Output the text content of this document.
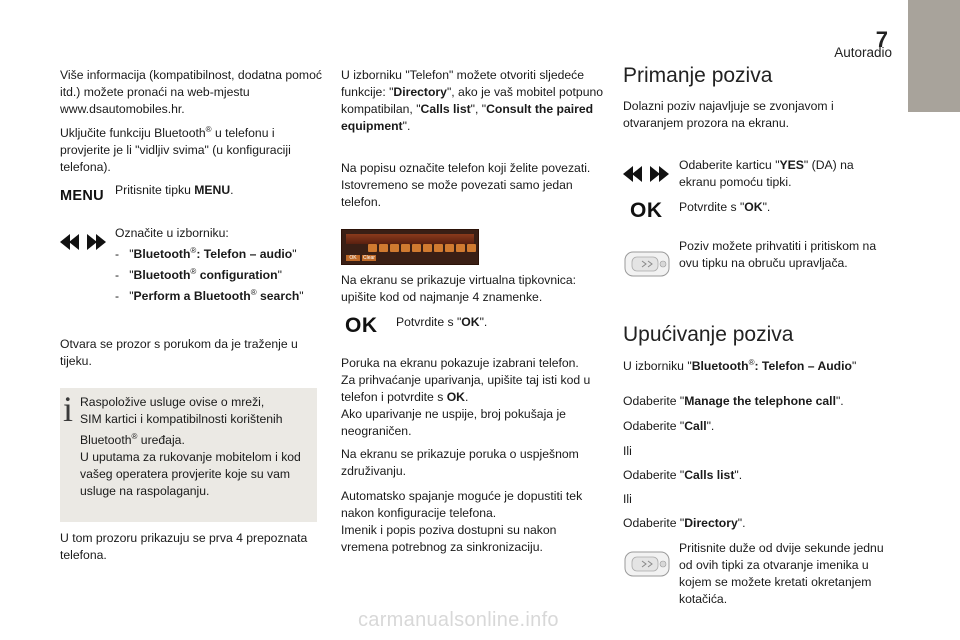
7
Autoradio

Više informacija (kompatibilnost, dodatna pomoć itd.) možete pronaći na web-mjestu www.dsautomobiles.hr.

Uključite funkciju Bluetooth® u telefonu i provjerite je li "vidljiv svima" (u konfiguraciji telefona).

MENU Pritisnite tipku MENU.

Označite u izborniku:

-   "Bluetooth®: Telefon – audio"

-   "Bluetooth® configuration"

-   "Perform a Bluetooth® search"

Otvara se prozor s porukom da je traženje u tijeku.

i Raspoložive usluge ovise o mreži,

SIM kartici i kompatibilnosti korištenih

Bluetooth® uređaja.

U uputama za rukovanje mobitelom i kod vašeg operatera provjerite koje su vam usluge na raspolaganju.

U tom prozoru prikazuju se prva 4 prepoznata telefona.

U izborniku "Telefon" možete otvoriti sljedeće funkcije: "Directory", ako je vaš mobitel potpuno kompatibilan, "Calls list", "Consult the paired equipment".

Na popisu označite telefon koji želite povezati. Istovremeno se može povezati samo jedan telefon.

OK	Clear

Na ekranu se prikazuje virtualna tipkovnica: upišite kod od najmanje 4 znamenke.

OK Potvrdite s "OK".

Poruka na ekranu pokazuje izabrani telefon.

Za prihvaćanje uparivanja, upišite taj isti kod u telefon i potvrdite s OK.

Ako uparivanje ne uspije, broj pokušaja je neograničen.

Na ekranu se prikazuje poruka o uspješnom združivanju.

Automatsko spajanje moguće je dopustiti tek nakon konfiguracije telefona.

Imenik i popis poziva dostupni su nakon vremena potrebnog za sinkronizaciju.

Primanje poziva

Dolazni poziv najavljuje se zvonjavom i otvaranjem prozora na ekranu.

Odaberite karticu "YES" (DA) na ekranu pomoću tipki.

OK Potvrdite s "OK".

Poziv možete prihvatiti i pritiskom na ovu tipku na obruču upravljača.

Upućivanje poziva

U izborniku "Bluetooth®: Telefon – Audio"

Odaberite "Manage the telephone call".

Odaberite "Call".

Ili

Odaberite "Calls list".

Ili

Odaberite "Directory".

Pritisnite duže od dvije sekunde jednu od ovih tipki za otvaranje imenika u kojem se možete kretati okretanjem kotačića.

carmanualsonline.info
